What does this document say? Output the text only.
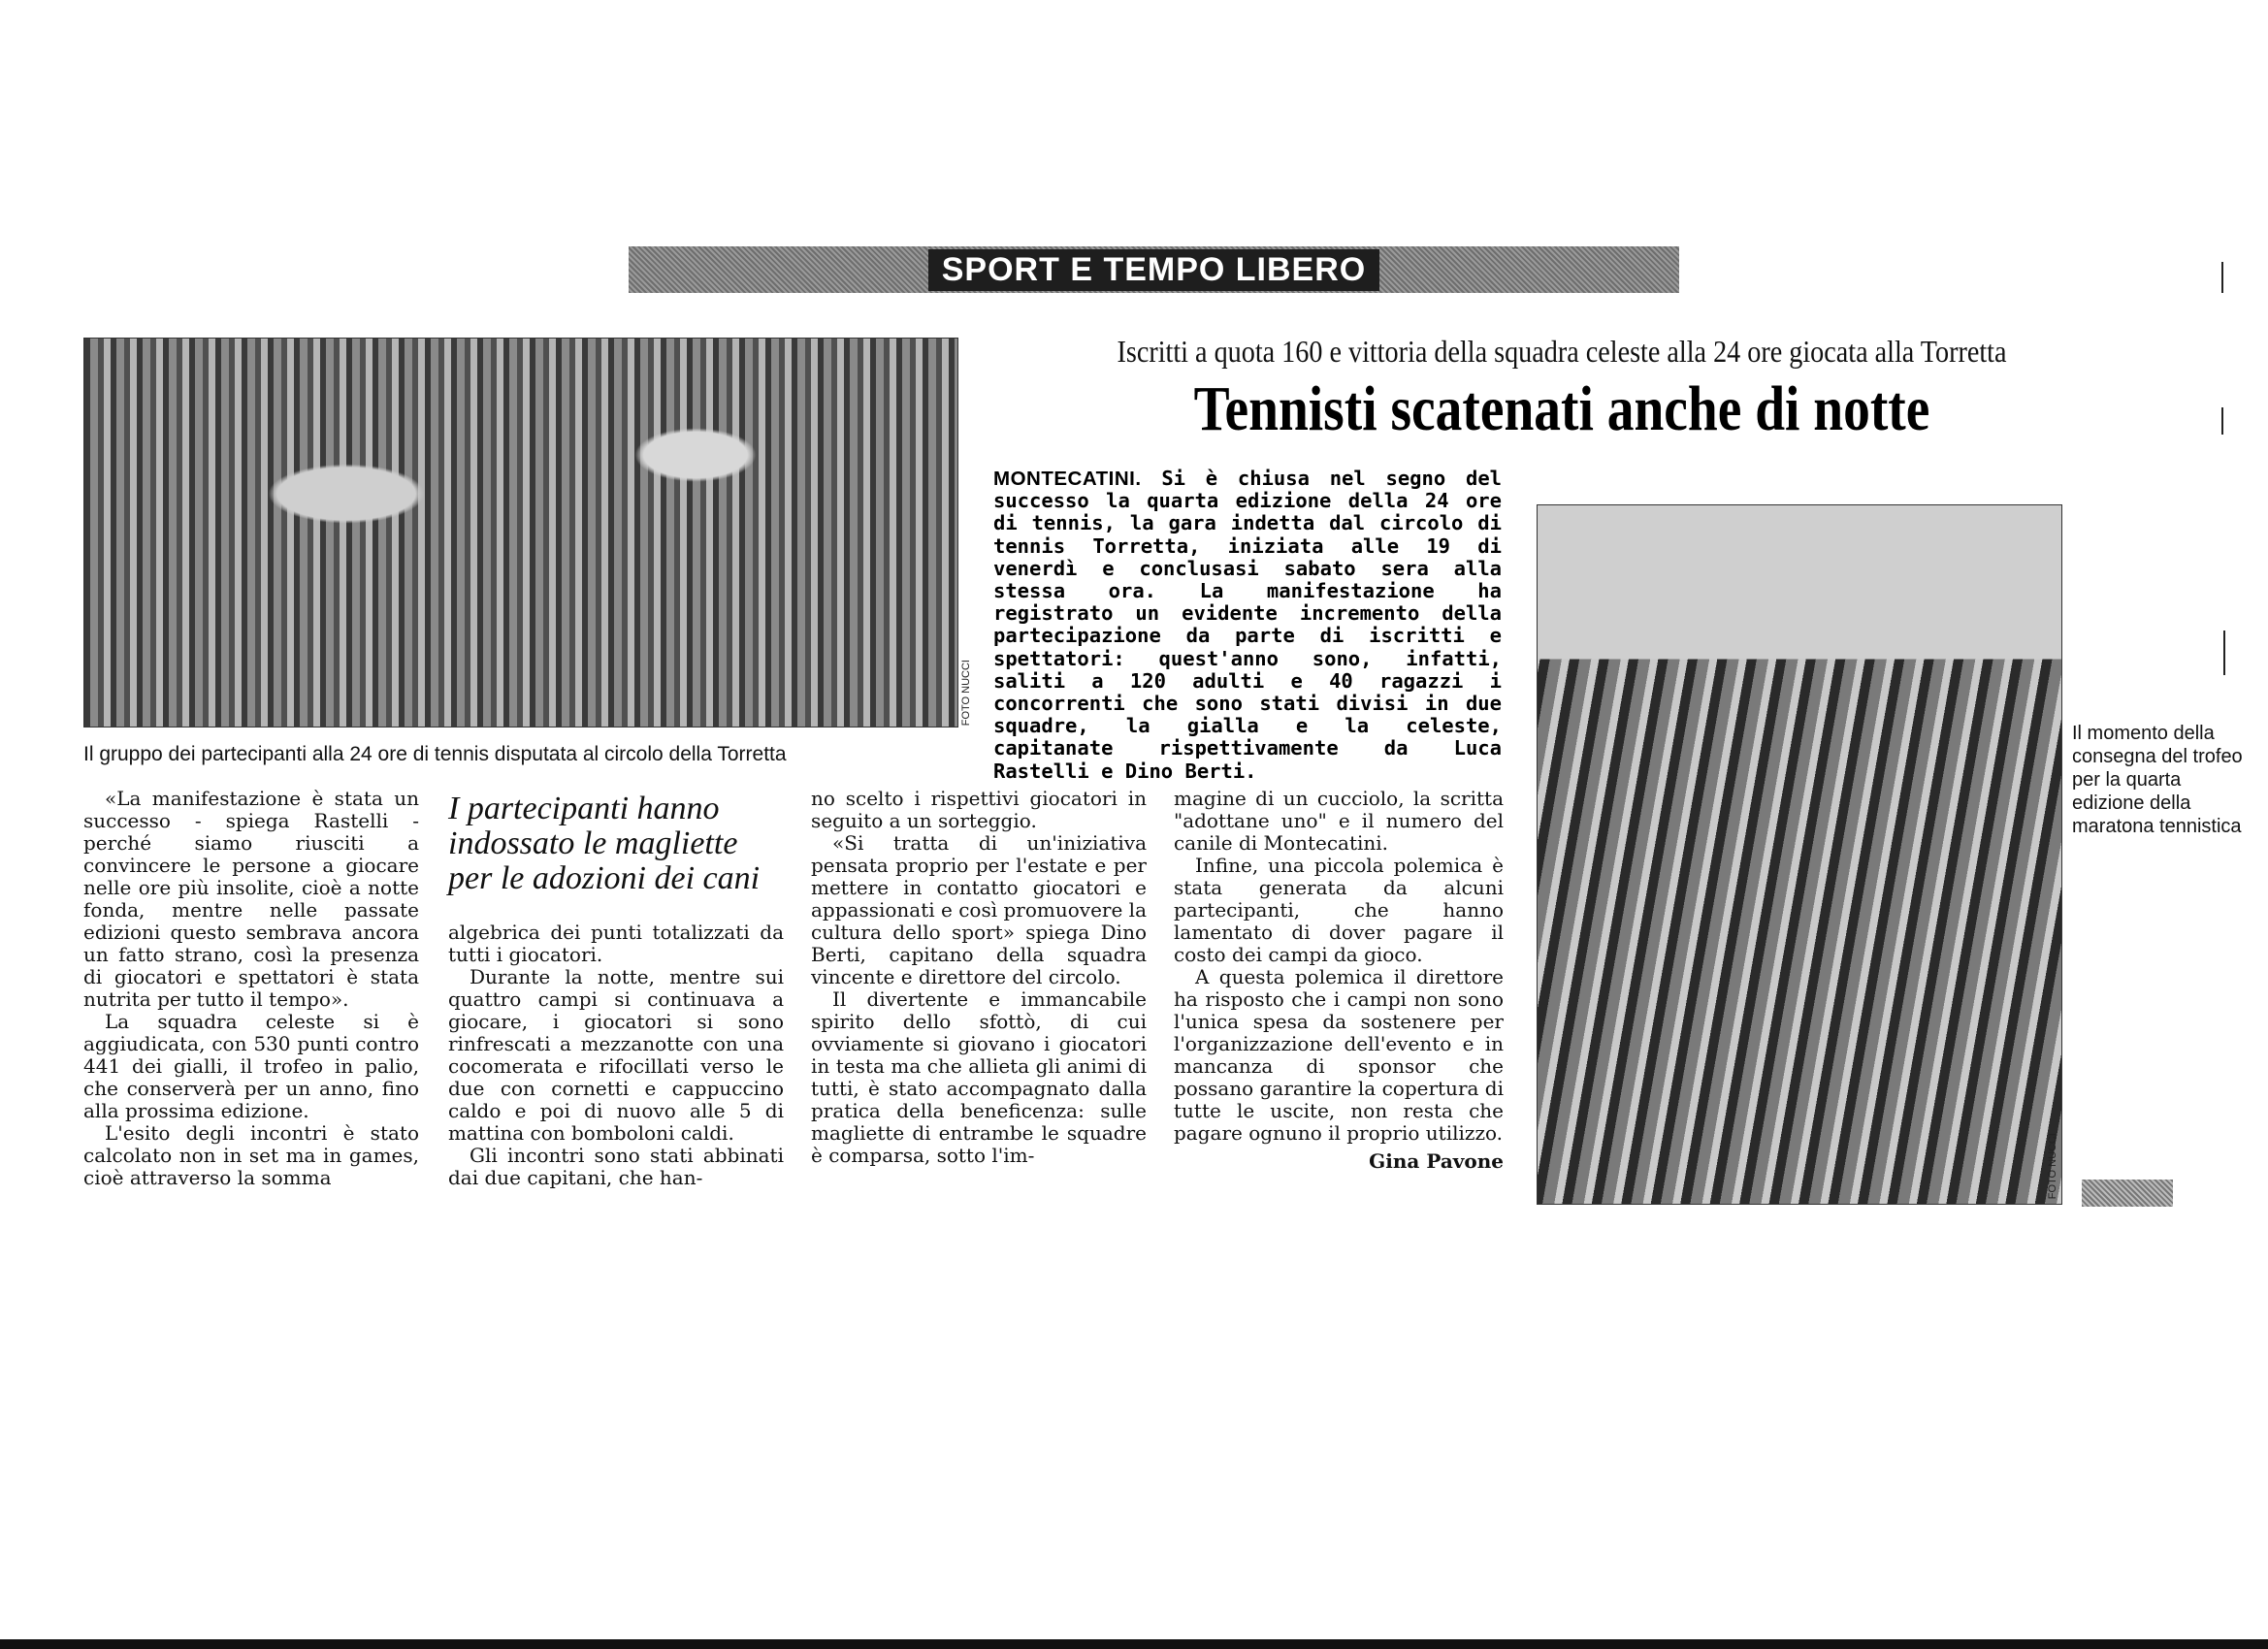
SPORT E TEMPO LIBERO
FOTO NUCCI
Il gruppo dei partecipanti alla 24 ore di tennis disputata al circolo della Torretta
Iscritti a quota 160 e vittoria della squadra celeste alla 24 ore giocata alla Torretta
Tennisti scatenati anche di notte
MONTECATINI. Si è chiusa nel segno del successo la quarta edizione della 24 ore di tennis, la gara indetta dal circolo di tennis Torretta, iniziata alle 19 di venerdì e conclusasi sabato sera alla stessa ora. La manifestazione ha registrato un evidente incremento della partecipazione da parte di iscritti e spettatori: quest'anno sono, infatti, saliti a 120 adulti e 40 ragazzi i concorrenti che sono stati divisi in due squadre, la gialla e la celeste, capitanate rispettivamente da Luca Rastelli e Dino Berti.
FOTO NUCCI
Il momento della consegna del trofeo per la quarta edizione della maratona tennistica

«La manifestazione è stata un successo - spiega Rastelli - perché siamo riusciti a convincere le persone a giocare nelle ore più insolite, cioè a notte fonda, mentre nelle passate edizioni questo sembrava ancora un fatto strano, così la presenza di giocatori e spettatori è stata nutrita per tutto il tempo».

La squadra celeste si è aggiudicata, con 530 punti contro 441 dei gialli, il trofeo in palio, che conserverà per un anno, fino alla prossima edizione.

L'esito degli incontri è stato calcolato non in set ma in games, cioè attraverso la somma

I partecipanti hanno indossato le magliette per le adozioni dei cani

algebrica dei punti totalizzati da tutti i giocatori.

Durante la notte, mentre sui quattro campi si continuava a giocare, i giocatori si sono rinfrescati a mezzanotte con una cocomerata e rifocillati verso le due con cornetti e cappuccino caldo e poi di nuovo alle 5 di mattina con bomboloni caldi.

Gli incontri sono stati abbinati dai due capitani, che han-

no scelto i rispettivi giocatori in seguito a un sorteggio.

«Si tratta di un'iniziativa pensata proprio per l'estate e per mettere in contatto giocatori e appassionati e così promuovere la cultura dello sport» spiega Dino Berti, capitano della squadra vincente e direttore del circolo.

Il divertente e immancabile spirito dello sfottò, di cui ovviamente si giovano i giocatori in testa ma che allieta gli animi di tutti, è stato accompagnato dalla pratica della beneficenza: sulle magliette di entrambe le squadre è comparsa, sotto l'im-

magine di un cucciolo, la scritta "adottane uno" e il numero del canile di Montecatini.

Infine, una piccola polemica è stata generata da alcuni partecipanti, che hanno lamentato di dover pagare il costo dei campi da gioco.

A questa polemica il direttore ha risposto che i campi non sono l'unica spesa da sostenere per l'organizzazione dell'evento e in mancanza di sponsor che possano garantire la copertura di tutte le uscite, non resta che pagare ognuno il proprio utilizzo.

Gina Pavone
